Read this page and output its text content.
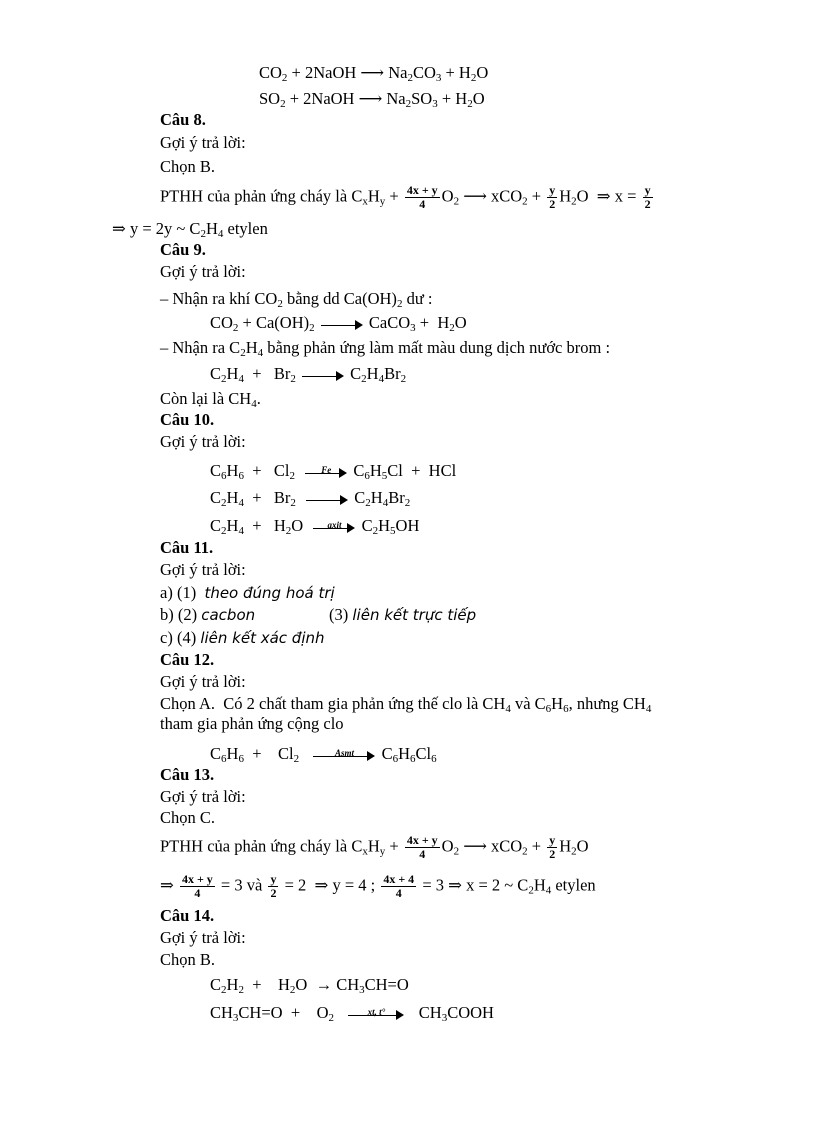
$CO_2$ + 2NaOH ⟶ $Na_2CO_3 + H_2O$
$SO_2$ + 2NaOH ⟶ $Na_2SO_3 + H_2O$
Câu 8.
Gợi ý trả lời:
Chọn B.
PTHH của phản ứng cháy là $C_xH_y + \frac{4x + y}{4} O_2$ ⟶ $xCO_2 + \frac{y}{2} H_2O$  ⇒ $x = \frac{y}{2}$
⇒ y = 2y ~ $C_2H_4$ etylen
Câu 9.
Gợi ý trả lời:
– Nhận ra khí $CO_2$ bằng dd $Ca(OH)_2$ dư :
$CO_2 + Ca(OH)_2$	CaCO$_3$ +  $H_2O$
– Nhận ra $C_2H_4$ bằng phản ứng làm mất màu dung dịch nước brom :
$C_2H_4 + Br_2$	$C_2H_4Br_2$
Còn lại là $CH_4$.
Câu 10.
Gợi ý trả lời:
$C_6H_6 + Cl_2$	Fe	$C_6H_5Cl$  +  HCl
$C_2H_4 + Br_2$	$C_2H_4Br_2$
$C_2H_4 + H_2O$	axit $C_2H_5OH$
Câu 11.
Gợi ý trả lời:
a) (1) theo đúng hoá trị
b) (2) cacbon	(3) liên kết trực tiếp
c) (4) liên kết xác định
Câu 12.
Gợi ý trả lời:
Chọn A.  Có 2 chất tham gia phản ứng thế clo là $CH_4$ và $C_6H_6$, nhưng $CH_4$
tham gia phản ứng cộng clo
$C_6H_6$  +    $Cl_2$	Asmt	$C_6H_6Cl_6$
Câu 13.
Gợi ý trả lời:
Chọn C.
PTHH của phản ứng cháy là $C_xH_y + \frac{4x + y}{4} O_2$ ⟶ $xCO_2 + \frac{y}{2} H_2O$
⇒ $\frac{4x + y}{4} = 3$ và $\frac{y}{2} = 2$  ⇒ y = 4 ; $\frac{4x + 4}{4} = 3$ ⇒ x = 2 ~ $C_2H_4$ etylen
Câu 14.
Gợi ý trả lời:
Chọn B.
$C_2H_2$  +    $H_2O \to CH_3CH=O$
$CH_3CH=O$  +    $O_2$	xt, t°	$CH_3COOH$
